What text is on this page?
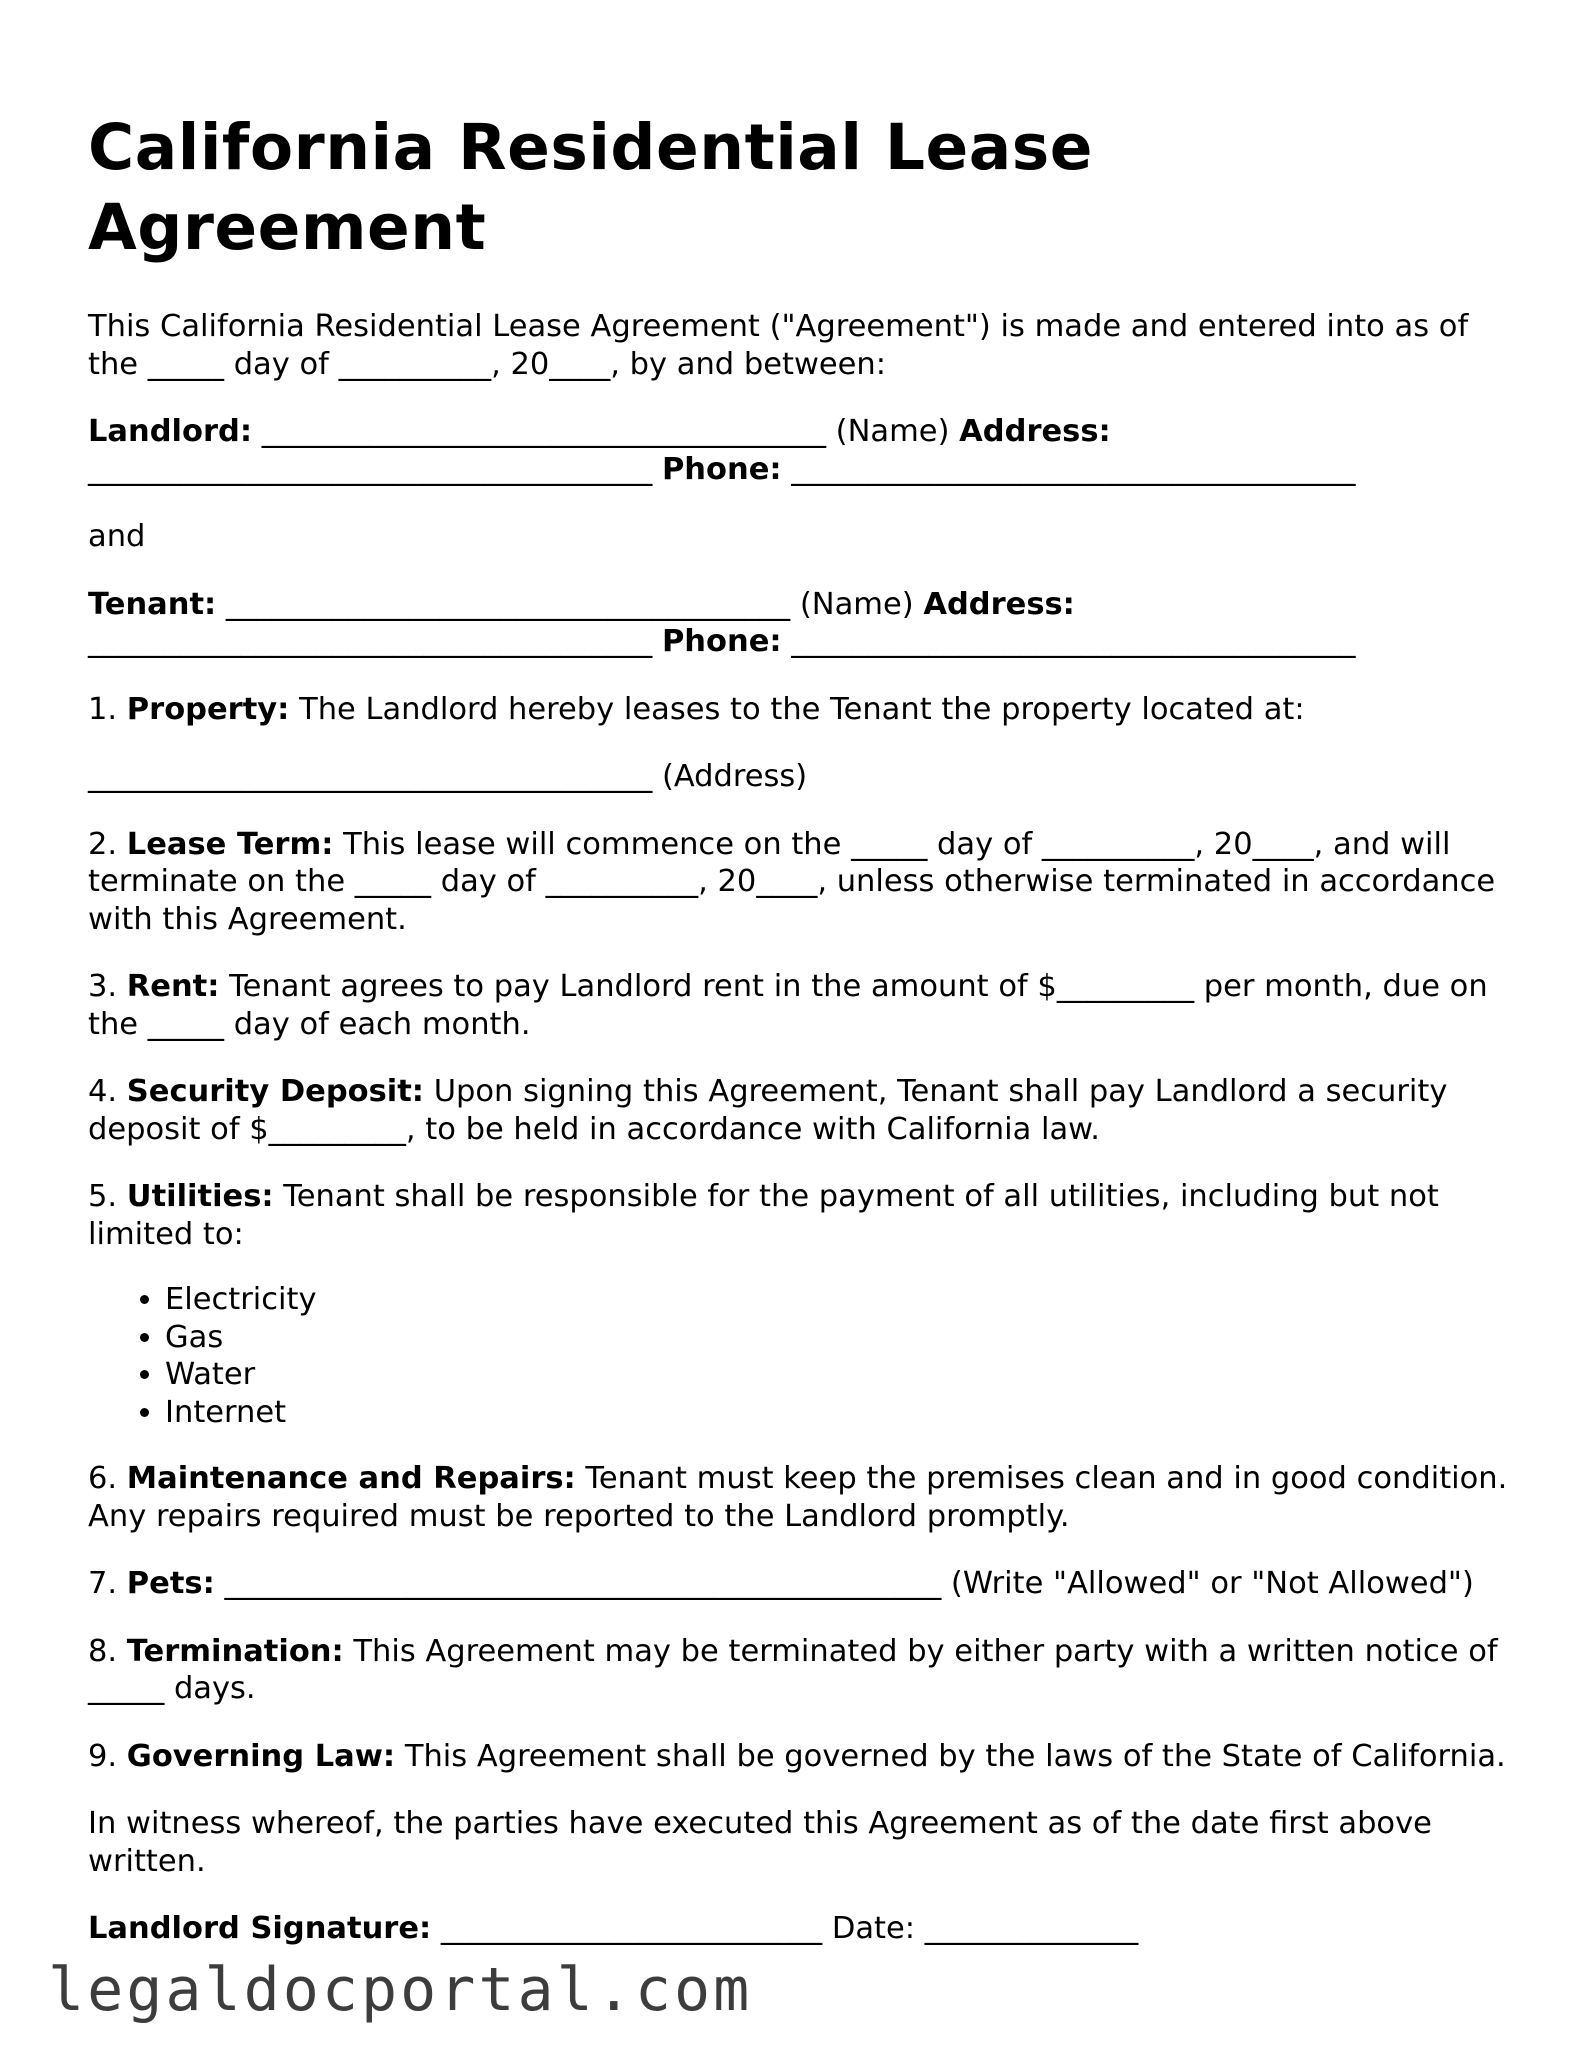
California Residential Lease Agreement

This California Residential Lease Agreement ("Agreement") is made and entered into as of the _____ day of __________, 20____, by and between:

Landlord: _____________________________________ (Name) Address:
_____________________________________ Phone: _____________________________________

and

Tenant: _____________________________________ (Name) Address:
_____________________________________ Phone: _____________________________________

1. Property: The Landlord hereby leases to the Tenant the property located at:

_____________________________________ (Address)

2. Lease Term: This lease will commence on the _____ day of __________, 20____, and will terminate on the _____ day of __________, 20____, unless otherwise terminated in accordance with this Agreement.

3. Rent: Tenant agrees to pay Landlord rent in the amount of $_________ per month, due on the _____ day of each month.

4. Security Deposit: Upon signing this Agreement, Tenant shall pay Landlord a security deposit of $_________, to be held in accordance with California law.

5. Utilities: Tenant shall be responsible for the payment of all utilities, including but not limited to:

• Electricity
• Gas
• Water
• Internet

6. Maintenance and Repairs: Tenant must keep the premises clean and in good condition. Any repairs required must be reported to the Landlord promptly.

7. Pets: _______________________________________________ (Write "Allowed" or "Not Allowed")

8. Termination: This Agreement may be terminated by either party with a written notice of _____ days.

9. Governing Law: This Agreement shall be governed by the laws of the State of California.

In witness whereof, the parties have executed this Agreement as of the date first above written.

Landlord Signature: _________________________ Date: ______________

legaldocportal.com
